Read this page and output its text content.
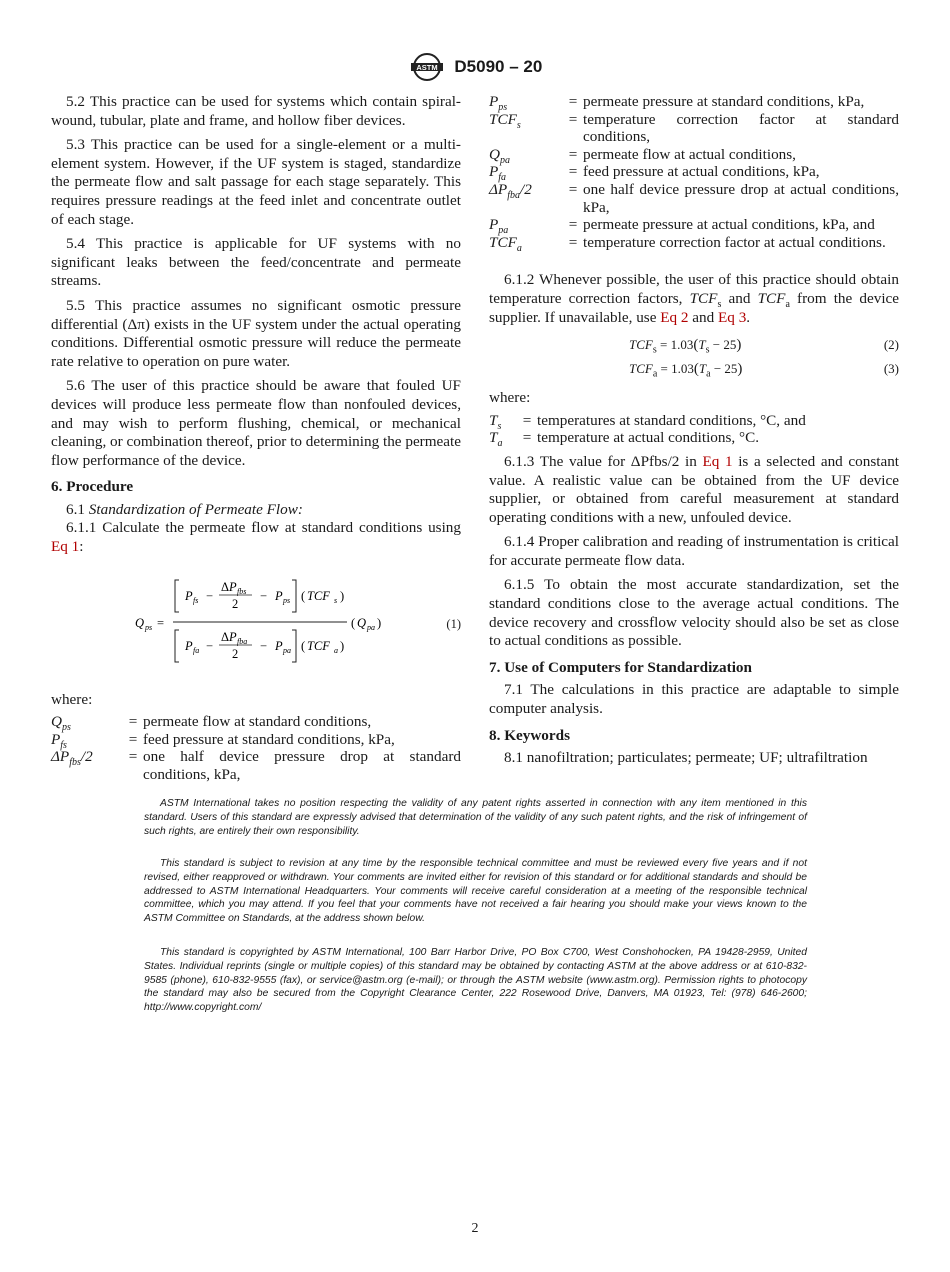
ASTM D5090 – 20

5.2 This practice can be used for systems which contain spiral-wound, tubular, plate and frame, and hollow fiber devices.

5.3 This practice can be used for a single-element or a multi-element system. However, if the UF system is staged, standardize the permeate flow and salt passage for each stage separately. This requires pressure readings at the feed inlet and concentrate outlet of each stage.

5.4 This practice is applicable for UF systems with no significant leaks between the feed/concentrate and permeate streams.

5.5 This practice assumes no significant osmotic pressure differential (Δπ) exists in the UF system under the actual operating conditions. Differential osmotic pressure will reduce the permeate rate relative to operation on pure water.

5.6 The user of this practice should be aware that fouled UF devices will produce less permeate flow than nonfouled devices, and may wish to perform flushing, chemical, or mechanical cleaning, or combination thereof, prior to determining the permeate flow performance of the device.

6. Procedure

6.1 Standardization of Permeate Flow:

6.1.1 Calculate the permeate flow at standard conditions using Eq 1:

Q ps =
P fs −
Δ P fbs
2
− P ps ( TCF s )
P fa −
Δ P fba
2
− P pa ( TCF a )
( Q pa )	(1)

where:

$Q_{ps}$	=	permeate flow at standard conditions,
$P_{fs}$	=	feed pressure at standard conditions, kPa,
$\Delta P_{fbs}/2$	=	one half device pressure drop at standard conditions, kPa,
$P_{ps}$	=	permeate pressure at standard conditions, kPa,
$TCF_s$	=	temperature correction factor at standard conditions,
$Q_{pa}$	=	permeate flow at actual conditions,
$P_{fa}$	=	feed pressure at actual conditions, kPa,
$\Delta P_{fba}/2$	=	one half device pressure drop at actual conditions, kPa,
$P_{pa}$	=	permeate pressure at actual conditions, kPa, and
$TCF_a$	=	temperature correction factor at actual conditions.

6.1.2 Whenever possible, the user of this practice should obtain temperature correction factors, $TCF_s$ and $TCF_a$ from the device supplier. If unavailable, use Eq 2 and Eq 3.

$TCF_s = 1.03(T_s - 25)$	(2)
$TCF_a = 1.03(T_a - 25)$	(3)

where:

$T_s$	=	temperatures at standard conditions, °C, and
$T_a$	=	temperature at actual conditions, °C.

6.1.3 The value for ΔPfbs/2 in Eq 1 is a selected and constant value. A realistic value can be obtained from the UF device supplier, or obtained from careful measurement at standard operating conditions with a new, unfouled device.

6.1.4 Proper calibration and reading of instrumentation is critical for accurate permeate flow data.

6.1.5 To obtain the most accurate standardization, set the standard conditions close to the average actual conditions. The device recovery and crossflow velocity should also be set as close to actual conditions as possible.

7. Use of Computers for Standardization

7.1 The calculations in this practice are adaptable to simple computer analysis.

8. Keywords

8.1 nanofiltration; particulates; permeate; UF; ultrafiltration

ASTM International takes no position respecting the validity of any patent rights asserted in connection with any item mentioned in this standard. Users of this standard are expressly advised that determination of the validity of any such patent rights, and the risk of infringement of such rights, are entirely their own responsibility.

This standard is subject to revision at any time by the responsible technical committee and must be reviewed every five years and if not revised, either reapproved or withdrawn. Your comments are invited either for revision of this standard or for additional standards and should be addressed to ASTM International Headquarters. Your comments will receive careful consideration at a meeting of the responsible technical committee, which you may attend. If you feel that your comments have not received a fair hearing you should make your views known to the ASTM Committee on Standards, at the address shown below.

This standard is copyrighted by ASTM International, 100 Barr Harbor Drive, PO Box C700, West Conshohocken, PA 19428-2959, United States. Individual reprints (single or multiple copies) of this standard may be obtained by contacting ASTM at the above address or at 610-832-9585 (phone), 610-832-9555 (fax), or service@astm.org (e-mail); or through the ASTM website (www.astm.org). Permission rights to photocopy the standard may also be secured from the Copyright Clearance Center, 222 Rosewood Drive, Danvers, MA 01923, Tel: (978) 646-2600; http://www.copyright.com/

2
